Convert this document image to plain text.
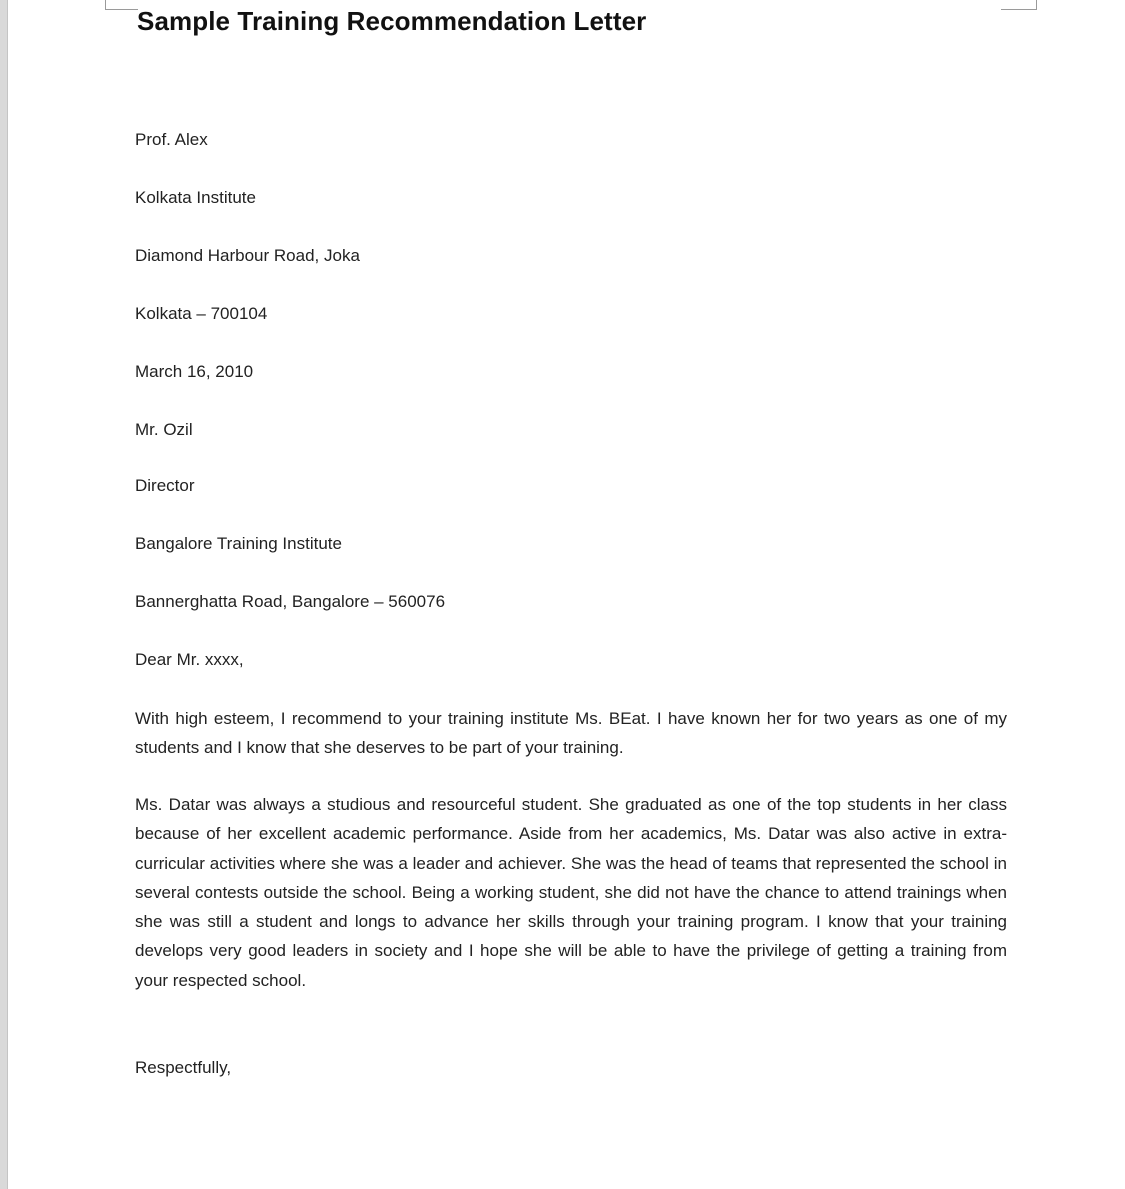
Sample Training Recommendation Letter

Prof. Alex

Kolkata Institute

Diamond Harbour Road, Joka

Kolkata – 700104

March 16, 2010

Mr. Ozil

Director

Bangalore Training Institute

Bannerghatta Road, Bangalore – 560076

Dear Mr. xxxx,

With high esteem, I recommend to your training institute Ms. BEat. I have known her for two years as one of my students and I know that she deserves to be part of your training.

Ms. Datar was always a studious and resourceful student. She graduated as one of the top students in her class because of her excellent academic performance. Aside from her academics, Ms. Datar was also active in extra-curricular activities where she was a leader and achiever. She was the head of teams that represented the school in several contests outside the school. Being a working student, she did not have the chance to attend trainings when she was still a student and longs to advance her skills through your training program. I know that your training develops very good leaders in society and I hope she will be able to have the privilege of getting a training from your respected school.

Respectfully,
